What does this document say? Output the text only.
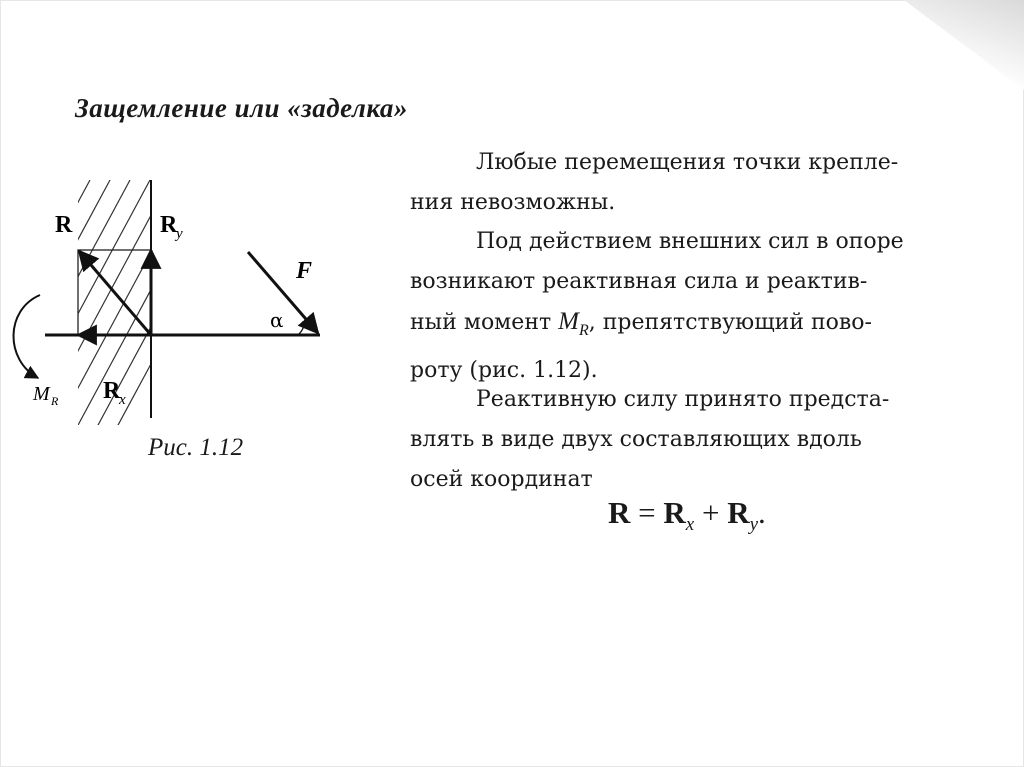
Защемление или «заделка»

Любые перемещения точки крепле-
ния невозможны.

Под действием внешних сил в опоре
возникают реактивная сила и реактив-
ный момент $M_R$, препятствующий пово-
роту (рис. 1.12).

Реактивную силу принято предста-
влять в виде двух составляющих вдоль
осей координат

$R = R_x + R_y$.
R	R
y
F
α
R
x
M R
Рис. 1.12
